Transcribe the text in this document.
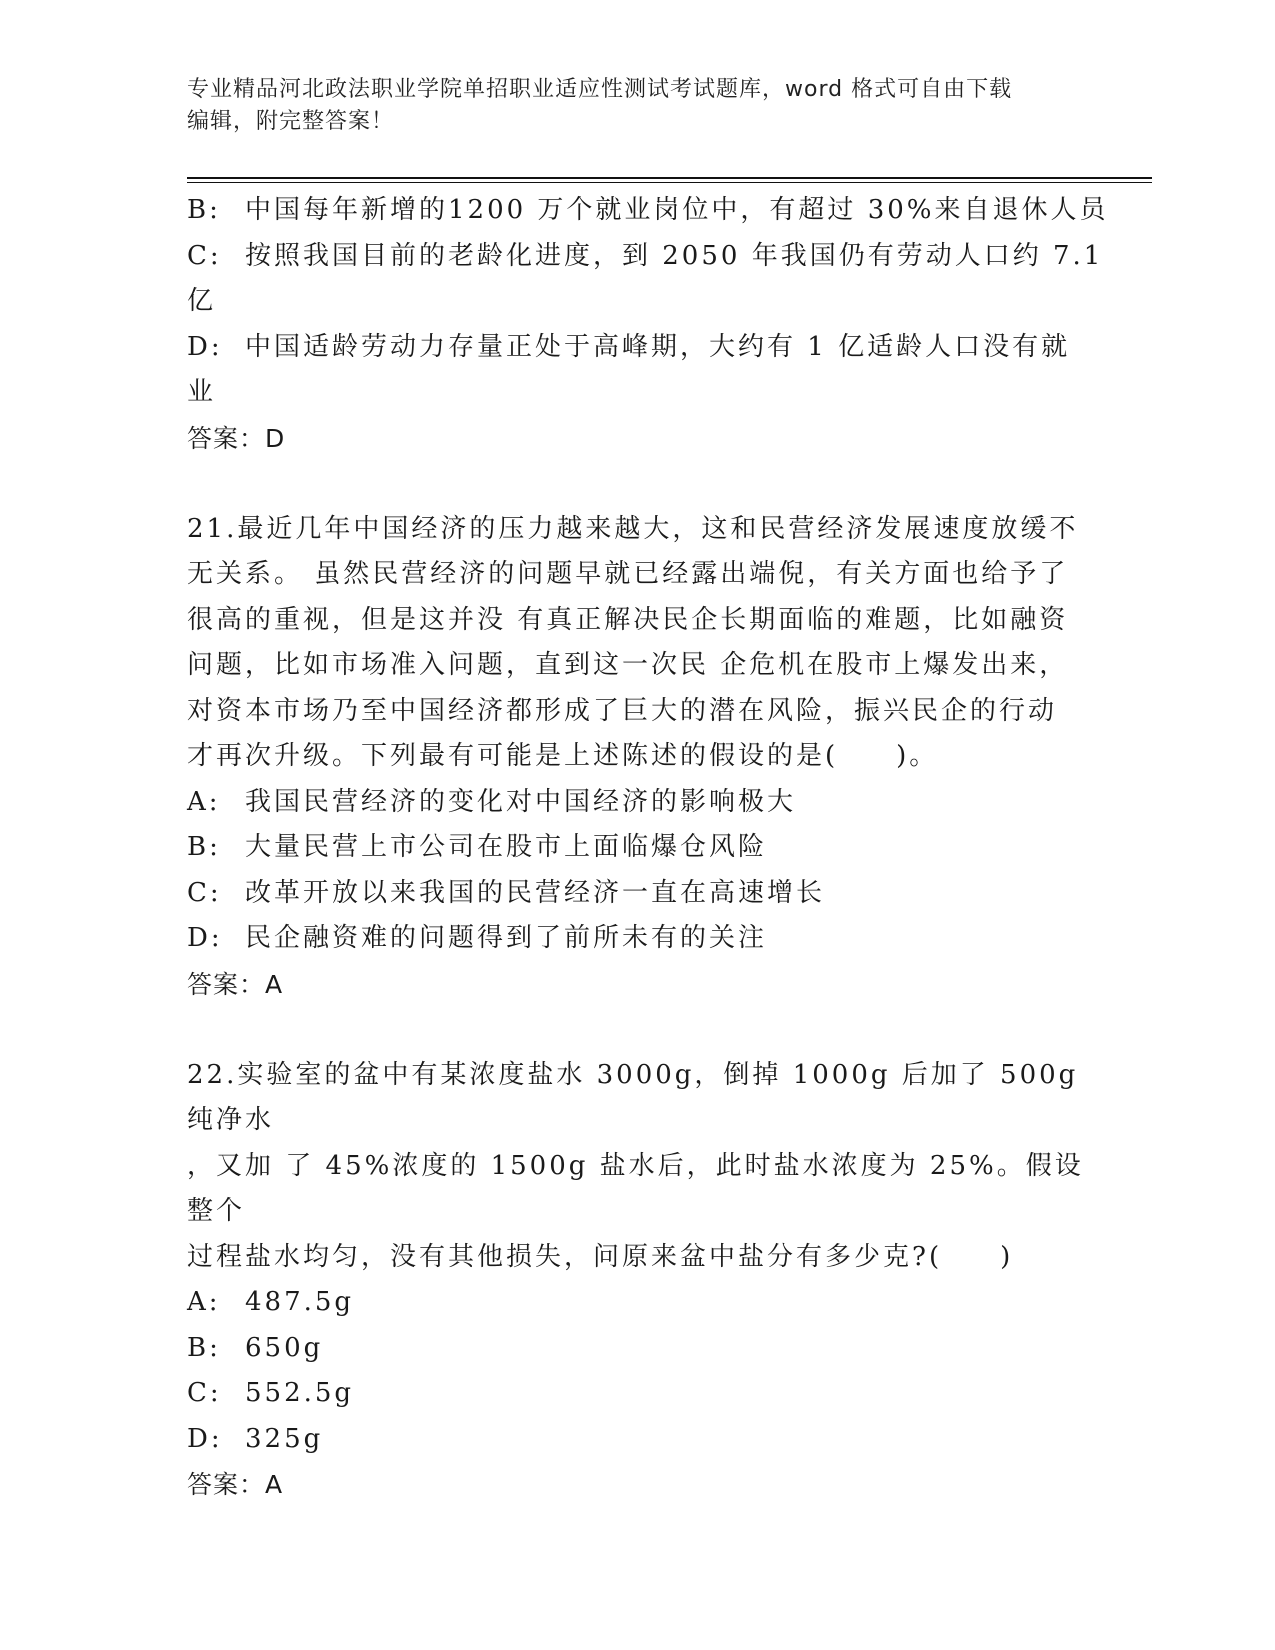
专业精品河北政法职业学院单招职业适应性测试考试题库，word 格式可自由下载
编辑，附完整答案！
B: 中国每年新增的1200 万个就业岗位中，有超过 30%来自退休人员
C: 按照我国目前的老龄化进度，到 2050 年我国仍有劳动人口约 7.1
亿
D: 中国适龄劳动力存量正处于高峰期，大约有 1 亿适龄人口没有就
业
答案：D
21.最近几年中国经济的压力越来越大，这和民营经济发展速度放缓不
无关系。 虽然民营经济的问题早就已经露出端倪，有关方面也给予了
很高的重视，但是这并没 有真正解决民企长期面临的难题，比如融资
问题，比如市场准入问题，直到这一次民 企危机在股市上爆发出来，
对资本市场乃至中国经济都形成了巨大的潜在风险，振兴民企的行动
才再次升级。下列最有可能是上述陈述的假设的是(　　)。
A: 我国民营经济的变化对中国经济的影响极大
B: 大量民营上市公司在股市上面临爆仓风险
C: 改革开放以来我国的民营经济一直在高速增长
D: 民企融资难的问题得到了前所未有的关注
答案：A
22.实验室的盆中有某浓度盐水 3000g，倒掉 1000g 后加了 500g 纯净水
，又加 了 45%浓度的 1500g 盐水后，此时盐水浓度为 25%。假设整个
过程盐水均匀，没有其他损失，问原来盆中盐分有多少克?(　　)
A: 487.5g
B: 650g
C: 552.5g
D: 325g
答案：A
